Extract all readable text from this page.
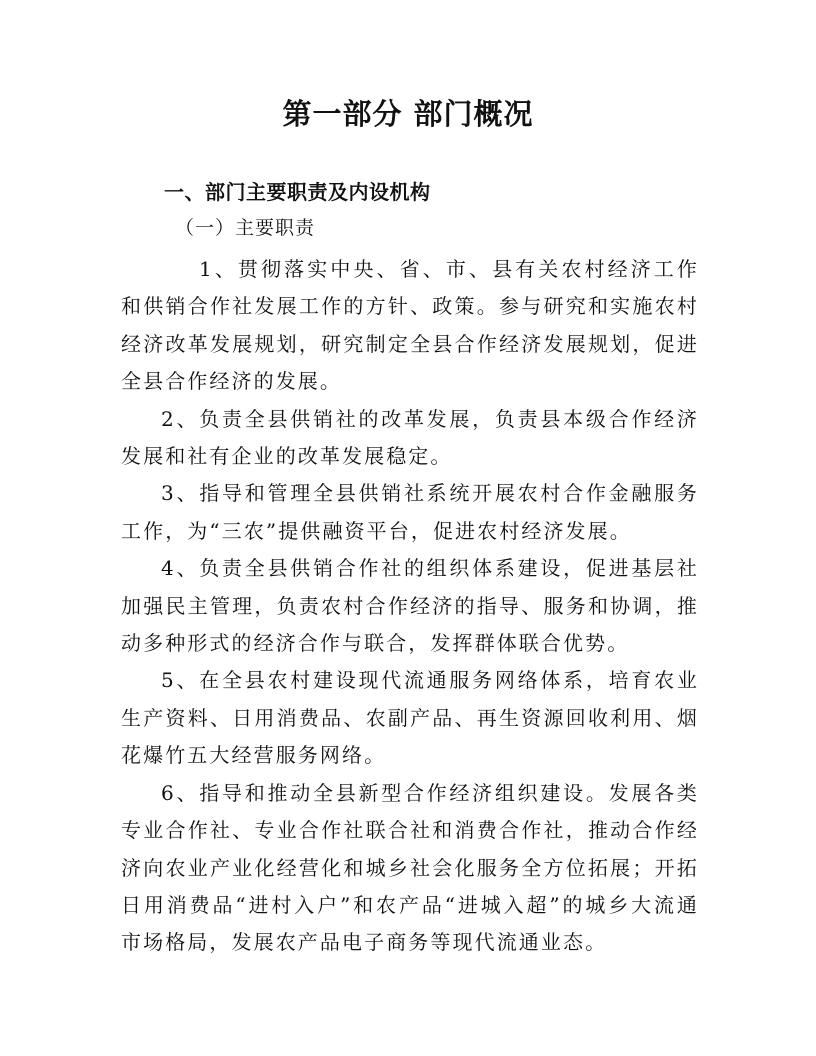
第一部分 部门概况
一、部门主要职责及内设机构
（一）主要职责

1、贯彻落实中央、省、市、县有关农村经济工作和供销合作社发展工作的方针、政策。参与研究和实施农村经济改革发展规划，研究制定全县合作经济发展规划，促进全县合作经济的发展。

2、负责全县供销社的改革发展，负责县本级合作经济发展和社有企业的改革发展稳定。

3、指导和管理全县供销社系统开展农村合作金融服务工作，为“三农”提供融资平台，促进农村经济发展。

4、负责全县供销合作社的组织体系建设，促进基层社加强民主管理，负责农村合作经济的指导、服务和协调，推动多种形式的经济合作与联合，发挥群体联合优势。

5、在全县农村建设现代流通服务网络体系，培育农业生产资料、日用消费品、农副产品、再生资源回收利用、烟花爆竹五大经营服务网络。

6、指导和推动全县新型合作经济组织建设。发展各类专业合作社、专业合作社联合社和消费合作社，推动合作经济向农业产业化经营化和城乡社会化服务全方位拓展；开拓日用消费品“进村入户”和农产品“进城入超”的城乡大流通市场格局，发展农产品电子商务等现代流通业态。
